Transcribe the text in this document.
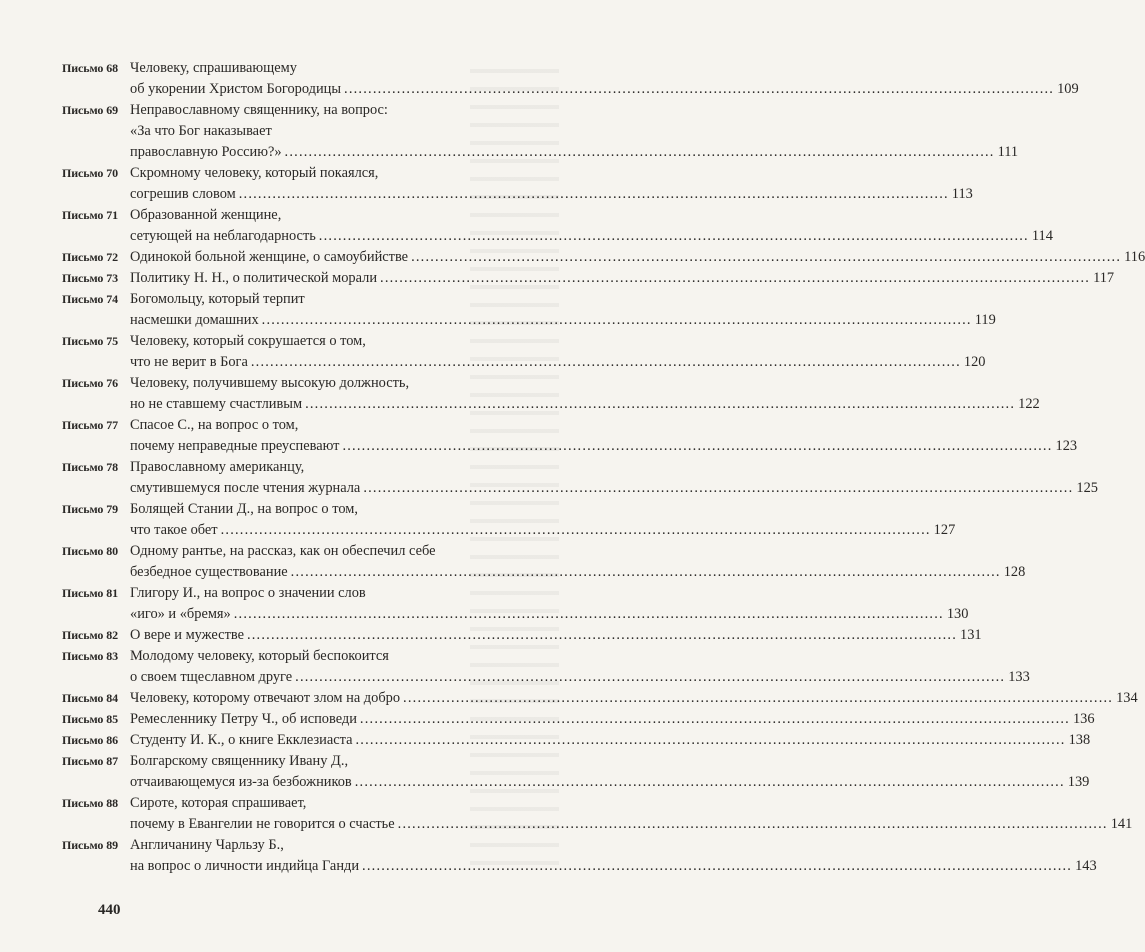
Письмо 68 Человеку, спрашивающему
об укорении Христом Богородицы .....	109
Письмо 69 Неправославному священнику, на вопрос:
«За что Бог наказывает
православную Россию?» .....	111
Письмо 70 Скромному человеку, который покаялся,
согрешив словом .....	113
Письмо 71 Образованной женщине,
сетующей на неблагодарность .....	114
Письмо 72 Одинокой больной женщине, о самоубийстве .....	116
Письмо 73 Политику Н. Н., о политической морали .....	117
Письмо 74 Богомольцу, который терпит
насмешки домашних .....	119
Письмо 75 Человеку, который сокрушается о том,
что не верит в Бога .....	120
Письмо 76 Человеку, получившему высокую должность,
но не ставшему счастливым .....	122
Письмо 77 Спасое С., на вопрос о том,
почему неправедные преуспевают .....	123
Письмо 78 Православному американцу,
смутившемуся после чтения журнала .....	125
Письмо 79 Болящей Стании Д., на вопрос о том,
что такое обет .....	127
Письмо 80 Одному рантье, на рассказ, как он обеспечил себе
безбедное существование .....	128
Письмо 81 Глигору И., на вопрос о значении слов
«иго» и «бремя» .....	130
Письмо 82 О вере и мужестве .....	131
Письмо 83 Молодому человеку, который беспокоится
о своем тщеславном друге .....	133
Письмо 84 Человеку, которому отвечают злом на добро .....	134
Письмо 85 Ремесленнику Петру Ч., об исповеди .....	136
Письмо 86 Студенту И. К., о книге Екклезиаста .....	138
Письмо 87 Болгарскому священнику Ивану Д.,
отчаивающемуся из-за безбожников .....	139
Письмо 88 Сироте, которая спрашивает,
почему в Евангелии не говорится о счастье .....	141
Письмо 89 Англичанину Чарльзу Б.,
на вопрос о личности индийца Ганди .....	143
440
